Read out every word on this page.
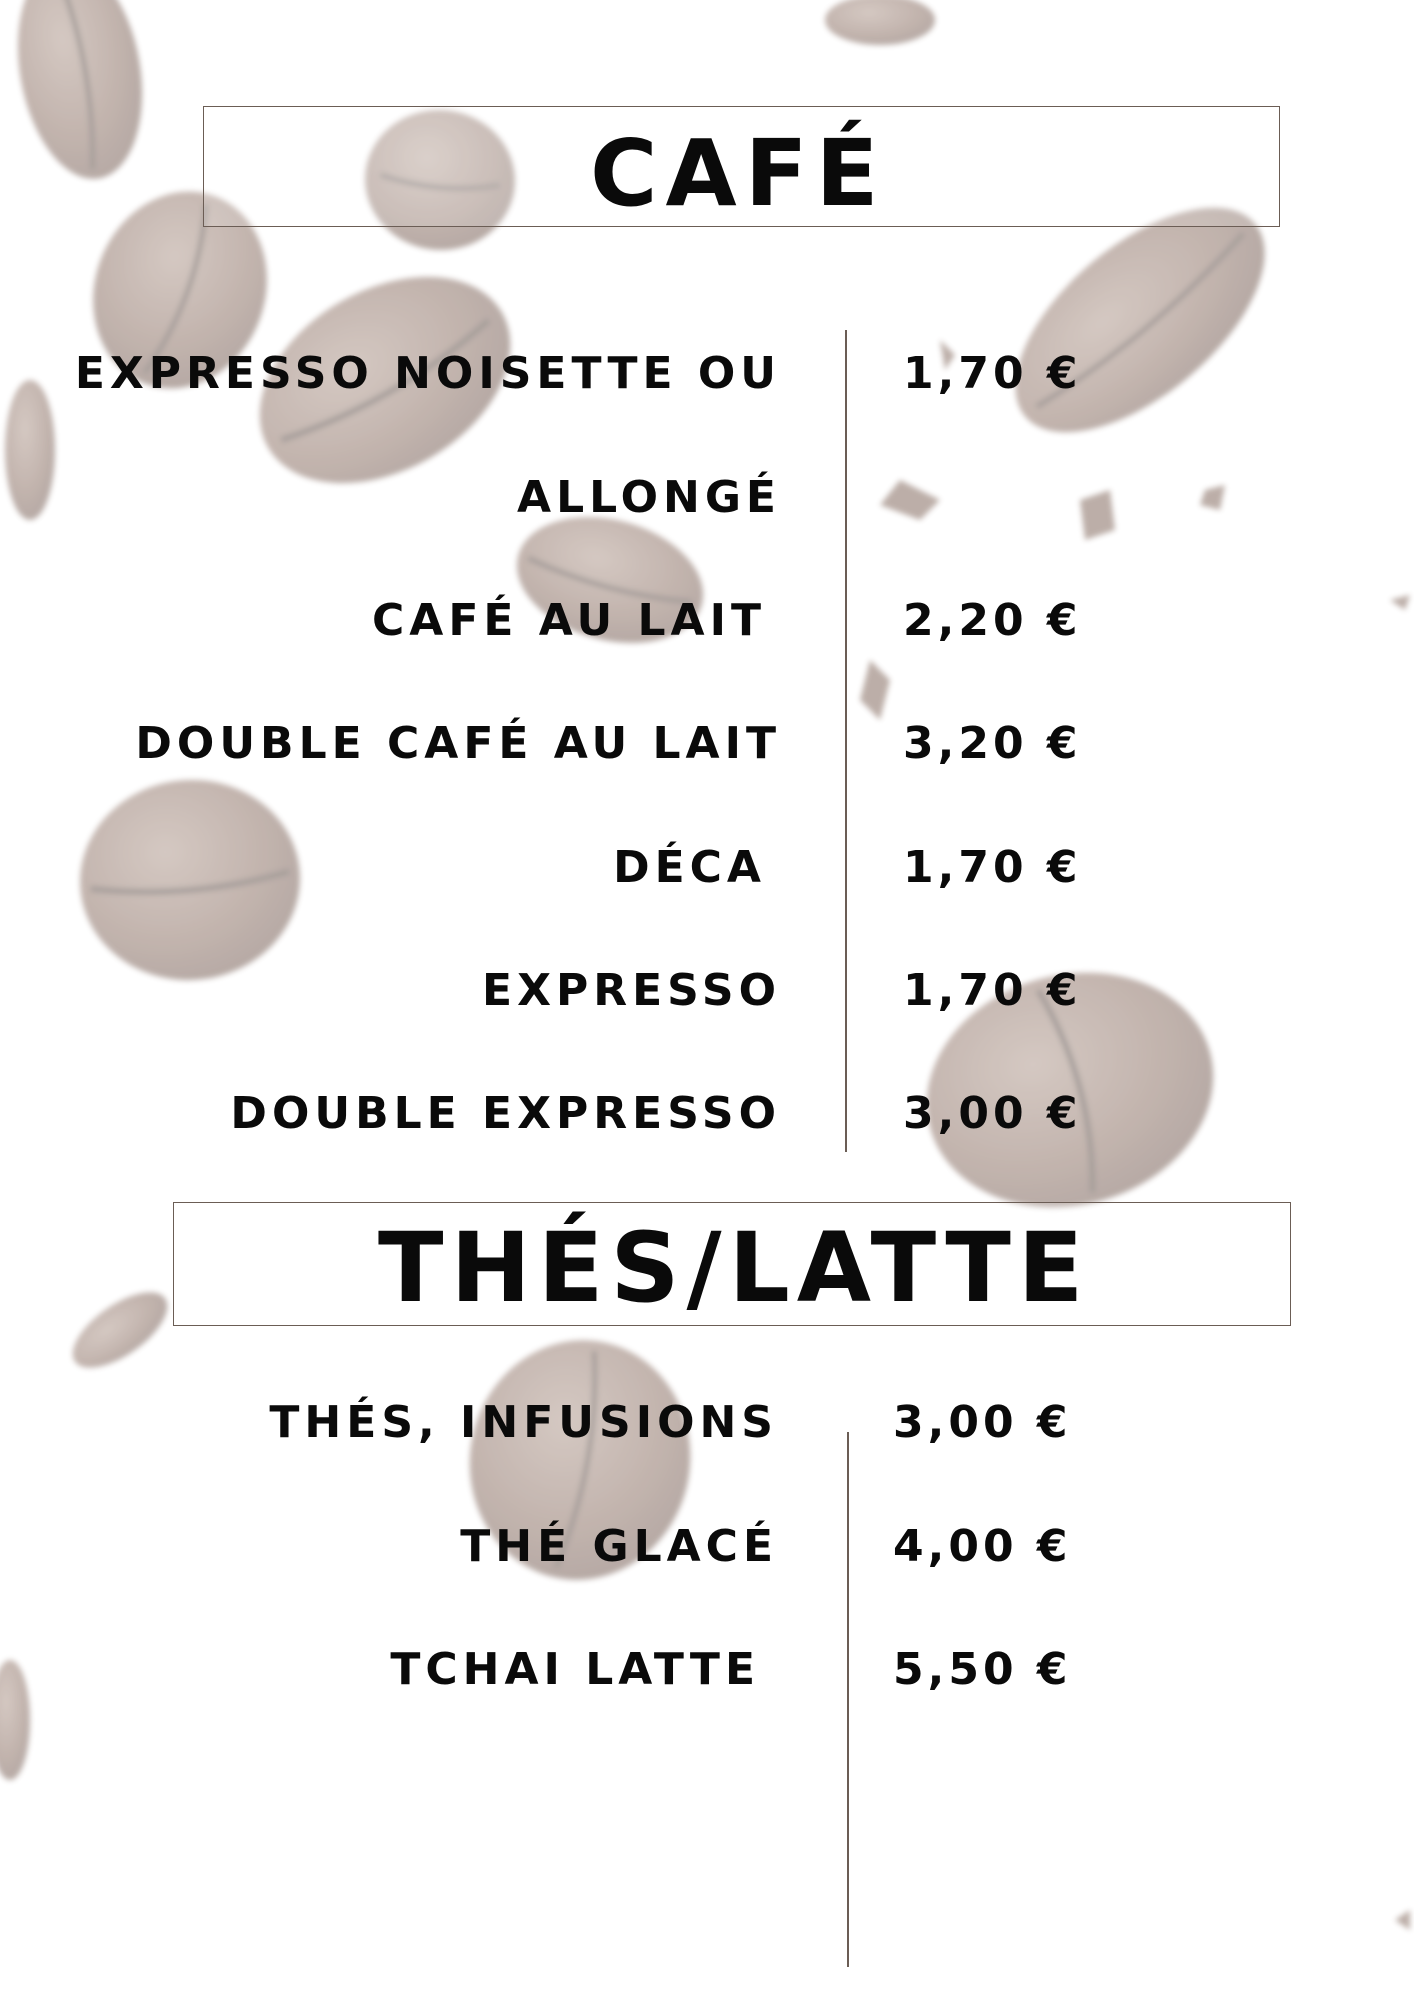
CAFÉ
EXPRESSO NOISETTE OU	1,70 €
ALLONGÉ
CAFÉ AU LAIT	2,20 €
DOUBLE CAFÉ AU LAIT	3,20 €
DÉCA	1,70 €
EXPRESSO	1,70 €
DOUBLE EXPRESSO	3,00 €
THÉS/LATTE
THÉS, INFUSIONS	3,00 €
THÉ GLACÉ	4,00 €
TCHAI LATTE	5,50 €
